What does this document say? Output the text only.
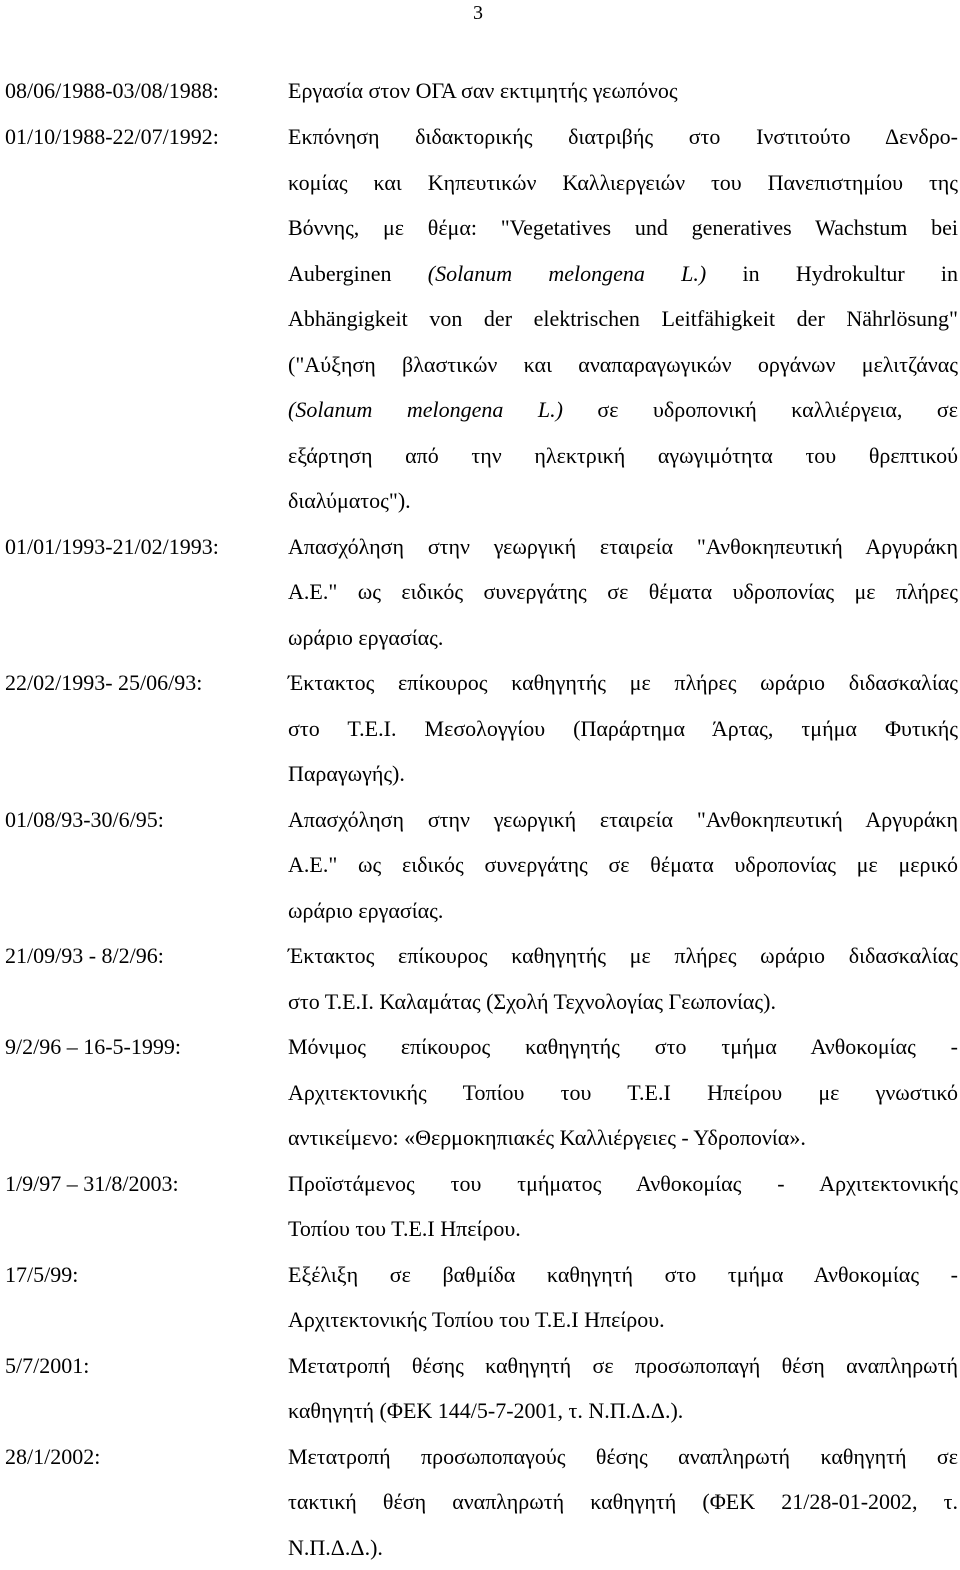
3
08/06/1988-03/08/1988:	Εργασία στον ΟΓΑ σαν εκτιμητής γεωπόνος
01/10/1988-22/07/1992:	Εκπόνηση διδακτορικής διατριβής στο Ινστιτούτο Δενδρο-
κομίας και Κηπευτικών Καλλιεργειών του Πανεπιστημίου της
Βόννης, με θέμα: "Vegetatives und generatives Wachstum bei
Auberginen (Solanum melongena L.) in Hydrokultur in
Abhängigkeit von der elektrischen Leitfähigkeit der Nährlösung"
("Αύξηση βλαστικών και αναπαραγωγικών οργάνων μελιτζάνας
(Solanum melongena L.) σε υδροπονική καλλιέργεια, σε
εξάρτηση από την ηλεκτρική αγωγιμότητα του θρεπτικού
διαλύματος").
01/01/1993-21/02/1993:	Απασχόληση στην γεωργική εταιρεία "Ανθοκηπευτική Αργυράκη
Α.Ε." ως ειδικός συνεργάτης σε θέματα υδροπονίας με πλήρες
ωράριο εργασίας.
22/02/1993- 25/06/93:	Έκτακτος επίκουρος καθηγητής με πλήρες ωράριο διδασκαλίας
στο Τ.Ε.Ι. Μεσολογγίου (Παράρτημα Άρτας, τμήμα Φυτικής
Παραγωγής).
01/08/93-30/6/95:	Απασχόληση στην γεωργική εταιρεία "Ανθοκηπευτική Αργυράκη
Α.Ε." ως ειδικός συνεργάτης σε θέματα υδροπονίας με μερικό
ωράριο εργασίας.
21/09/93 - 8/2/96:	Έκτακτος επίκουρος καθηγητής με πλήρες ωράριο διδασκαλίας
στο Τ.Ε.Ι. Καλαμάτας (Σχολή Τεχνολογίας Γεωπονίας).
9/2/96 – 16-5-1999:	Μόνιμος επίκουρος καθηγητής στο τμήμα Ανθοκομίας -
Αρχιτεκτονικής Τοπίου του Τ.Ε.Ι Ηπείρου με γνωστικό
αντικείμενο: «Θερμοκηπιακές Καλλιέργειες - Υδροπονία».
1/9/97 – 31/8/2003:	Προϊστάμενος του τμήματος Ανθοκομίας - Αρχιτεκτονικής
Τοπίου του Τ.Ε.Ι Ηπείρου.
17/5/99:	Εξέλιξη σε βαθμίδα καθηγητή στο τμήμα Ανθοκομίας -
Αρχιτεκτονικής Τοπίου του Τ.Ε.Ι Ηπείρου.
5/7/2001:	Μετατροπή θέσης καθηγητή σε προσωποπαγή θέση αναπληρωτή
καθηγητή (ΦΕΚ 144/5-7-2001, τ. Ν.Π.Δ.Δ.).
28/1/2002:	Μετατροπή προσωποπαγούς θέσης αναπληρωτή καθηγητή σε
τακτική θέση αναπληρωτή καθηγητή (ΦΕΚ 21/28-01-2002, τ.
Ν.Π.Δ.Δ.).
